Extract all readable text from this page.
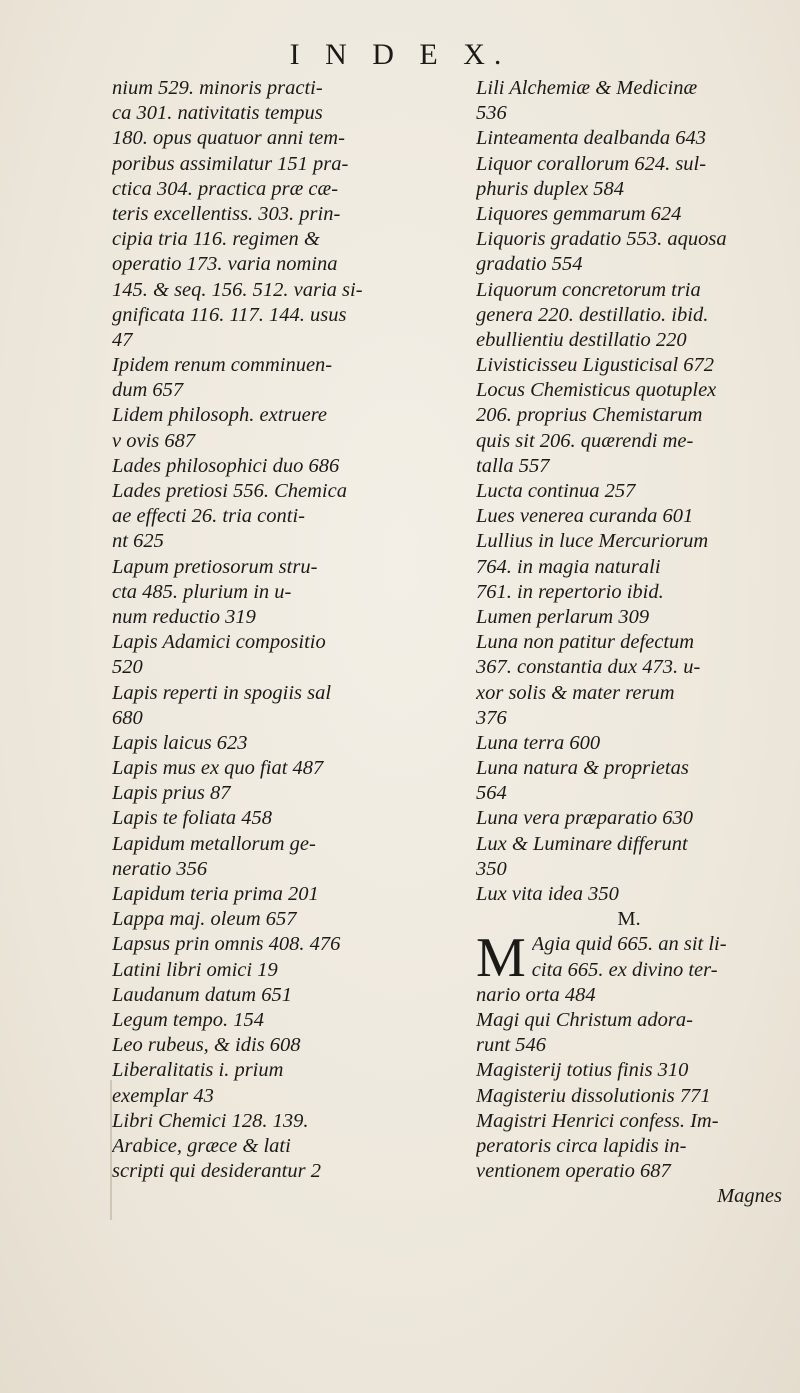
I N D E X.
nium 529. minoris practi-
ca 301. nativitatis tempus
180. opus quatuor anni tem-
poribus assimilatur 151 pra-
ctica 304. practica præ cæ-
teris excellentiss. 303. prin-
cipia tria 116. regimen &
operatio 173. varia nomina
145. & seq. 156. 512. varia si-
gnificata 116. 117. 144. usus
47
Ipidem renum comminuen-
dum 657
Lidem philosoph. extruere
v ovis 687
Lades philosophici duo 686
Lades pretiosi 556. Chemica
ae effecti 26. tria conti-
nt 625
Lapum pretiosorum stru-
cta 485. plurium in u-
num reductio 319
Lapis Adamici compositio
520
Lapis reperti in spogiis sal
680
Lapis laicus 623
Lapis mus ex quo fiat 487
Lapis prius 87
Lapis te foliata 458
Lapidum metallorum ge-
neratio 356
Lapidum teria prima 201
Lappa maj. oleum 657
Lapsus prin omnis 408. 476
Latini libri omici 19
Laudanum datum 651
Legum tempo. 154
Leo rubeus, & idis 608
Liberalitatis i. prium
exemplar 43
Libri Chemici 128. 139.
Arabice, græce & lati
scripti qui desiderantur 2
Lili Alchemiæ & Medicinæ
536
Linteamenta dealbanda 643
Liquor corallorum 624. sul-
phuris duplex 584
Liquores gemmarum 624
Liquoris gradatio 553. aquosa
gradatio 554
Liquorum concretorum tria
genera 220. destillatio. ibid.
ebullientiu destillatio 220
Livisticisseu Ligusticisal 672
Locus Chemisticus quotuplex
206. proprius Chemistarum
quis sit 206. quærendi me-
talla 557
Lucta continua 257
Lues venerea curanda 601
Lullius in luce Mercuriorum
764. in magia naturali
761. in repertorio ibid.
Lumen perlarum 309
Luna non patitur defectum
367. constantia dux 473. u-
xor solis & mater rerum
376
Luna terra 600
Luna natura & proprietas
564
Luna vera præparatio 630
Lux & Luminare differunt
350
Lux vita idea 350
M.
M Agia quid 665. an sit li-
cita 665. ex divino ter-
nario orta 484
Magi qui Christum adora-
runt 546
Magisterij totius finis 310
Magisteriu dissolutionis 771
Magistri Henrici confess. Im-
peratoris circa lapidis in-
ventionem operatio 687
Magnes
